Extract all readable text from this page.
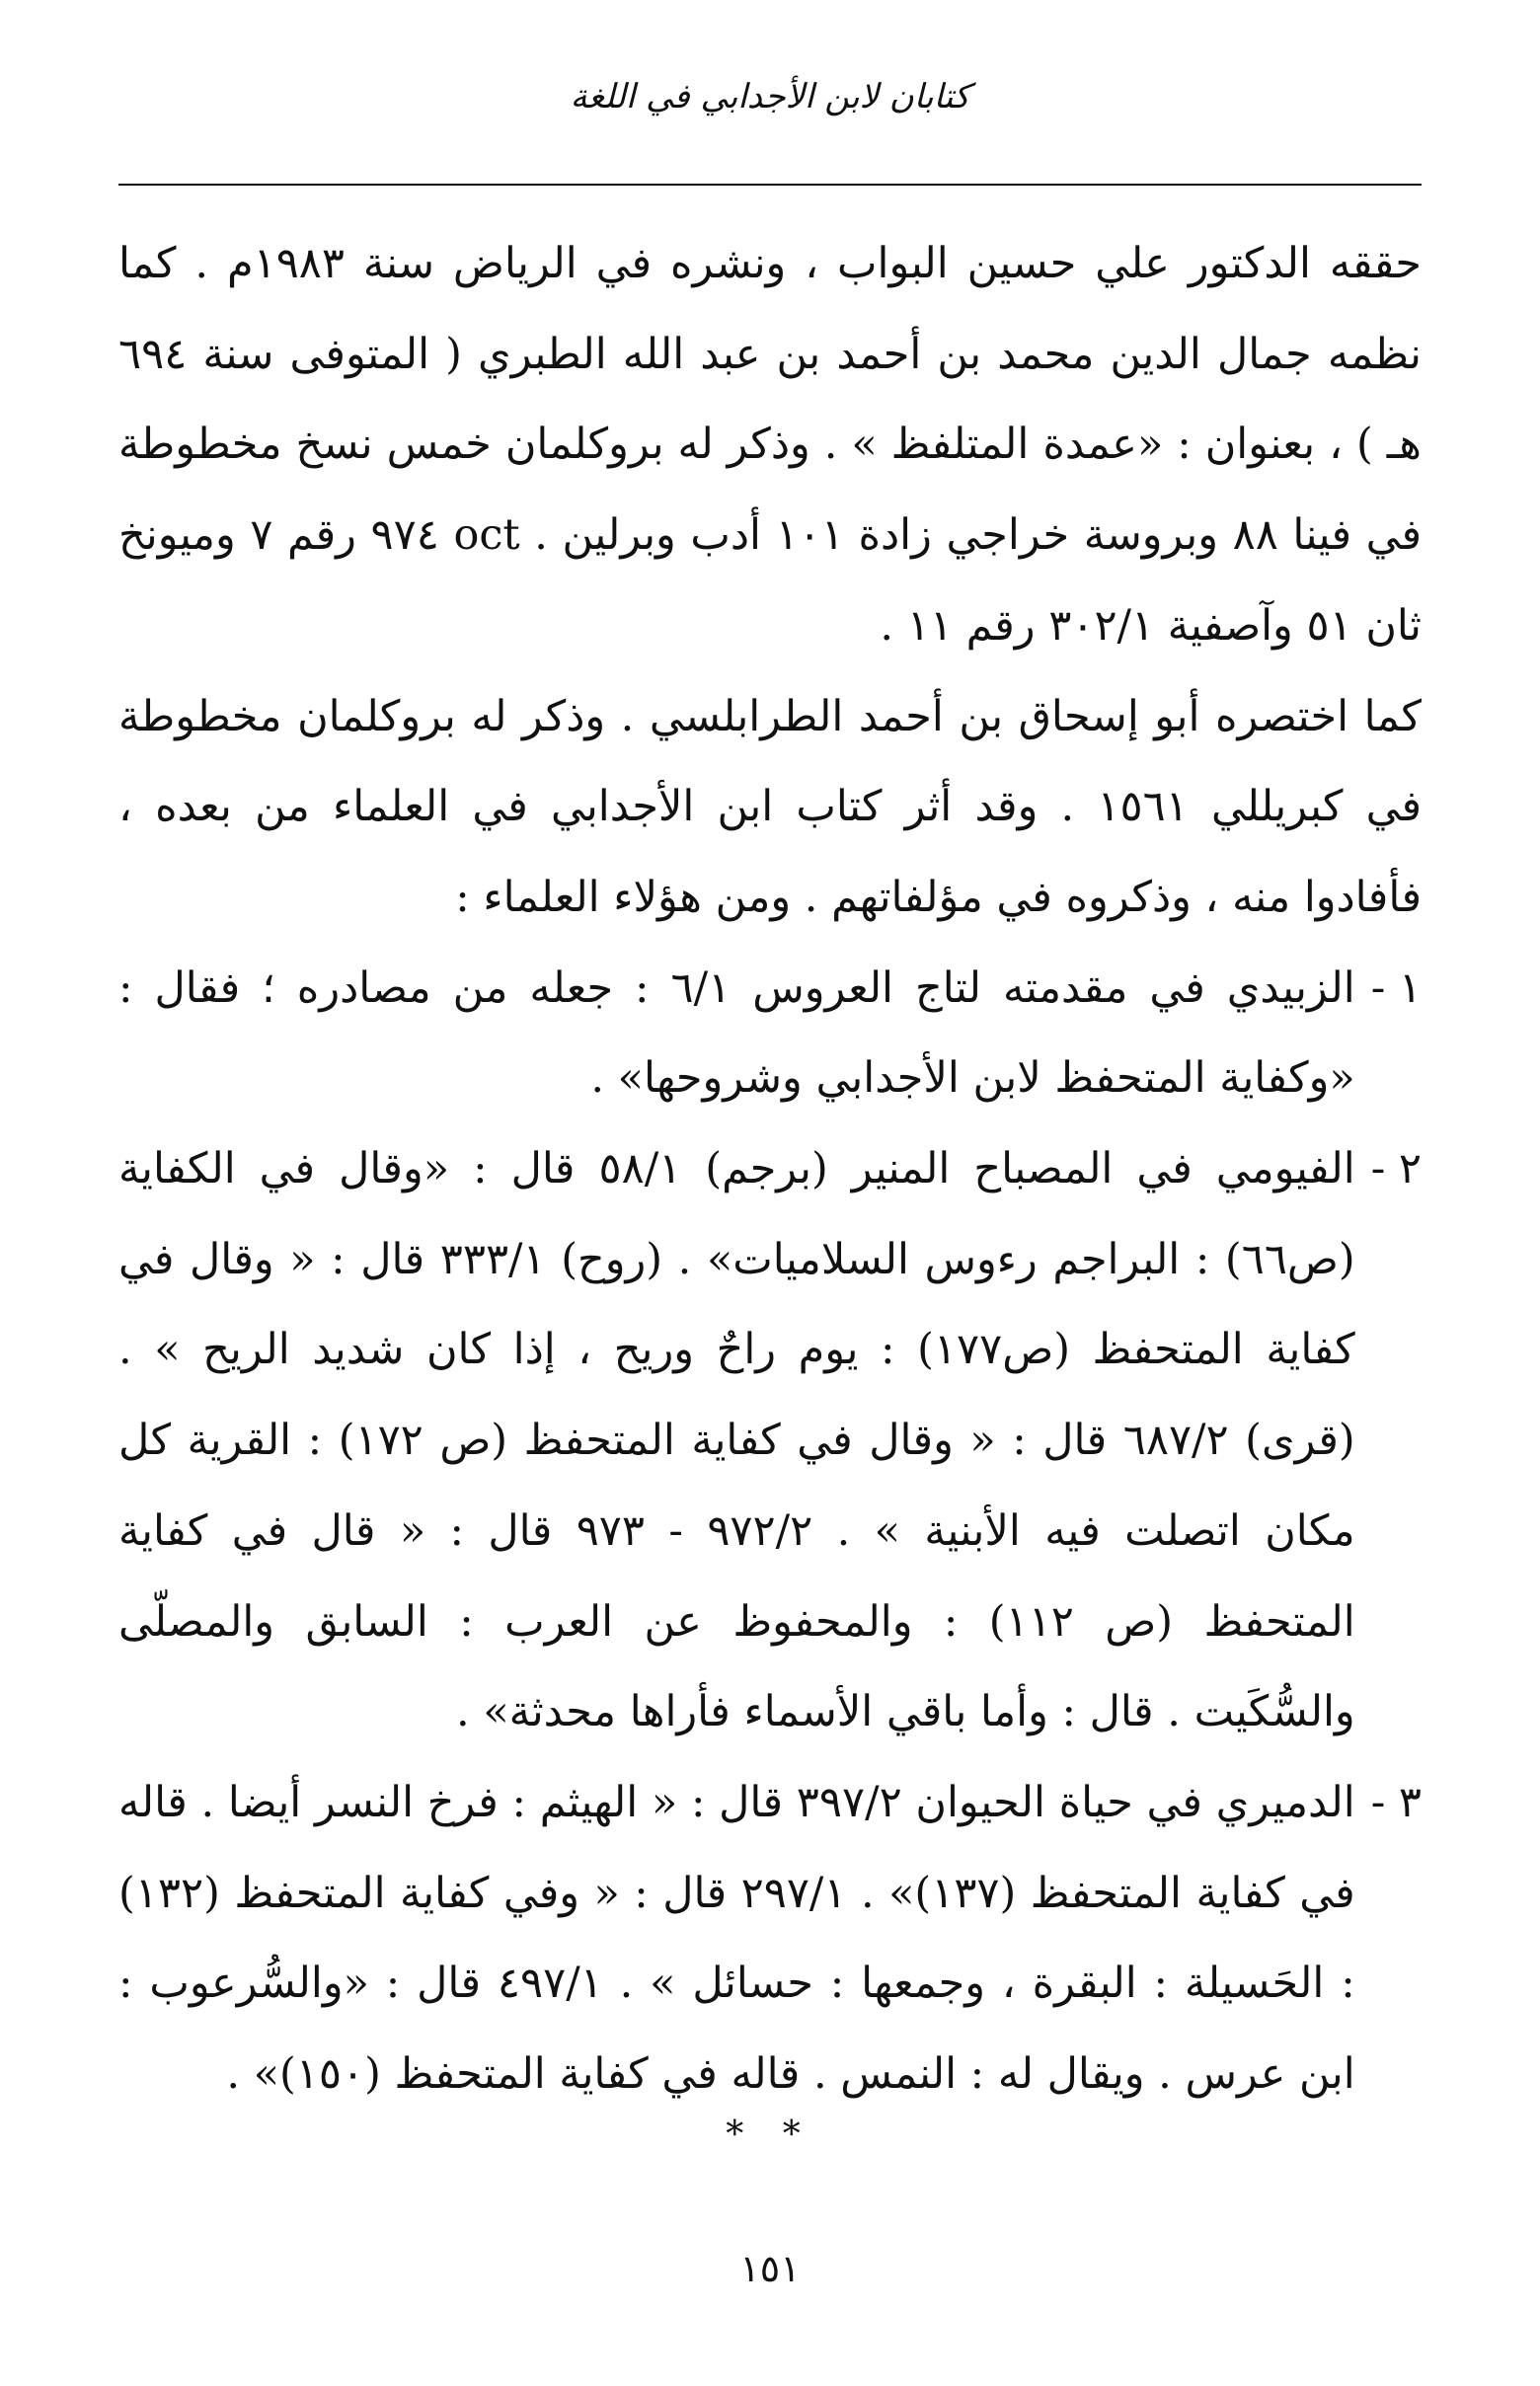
كتابان لابن الأجدابي في اللغة

حققه الدكتور علي حسين البواب ، ونشره في الرياض سنة ١٩٨٣م . كما نظمه جمال الدين محمد بن أحمد بن عبد الله الطبري ( المتوفى سنة ٦٩٤ هـ ) ، بعنوان : «عمدة المتلفظ » . وذكر له بروكلمان خمس نسخ مخطوطة في فينا ٨٨ وبروسة خراجي زادة ١٠١ أدب وبرلين . oct ٩٧٤ رقم ٧ وميونخ ثان ٥١ وآصفية ٣٠٢/١ رقم ١١ .

كما اختصره أبو إسحاق بن أحمد الطرابلسي . وذكر له بروكلمان مخطوطة في كبريللي ١٥٦١ . وقد أثر كتاب ابن الأجدابي في العلماء من بعده ، فأفادوا منه ، وذكروه في مؤلفاتهم . ومن هؤلاء العلماء :

١ -
الزبيدي في مقدمته لتاج العروس ٦/١ : جعله من مصادره ؛ فقال : «وكفاية المتحفظ لابن الأجدابي وشروحها» .
٢ -
الفيومي في المصباح المنير (برجم) ٥٨/١ قال : «وقال في الكفاية (ص٦٦) : البراجم رءوس السلاميات» . (روح) ٣٣٣/١ قال : « وقال في كفاية المتحفظ (ص١٧٧) : يوم راحٌ وريح ، إذا كان شديد الريح » . (قرى) ٦٨٧/٢ قال : « وقال في كفاية المتحفظ (ص ١٧٢) : القرية كل مكان اتصلت فيه الأبنية » . ٩٧٢/٢ - ٩٧٣ قال : « قال في كفاية المتحفظ (ص ١١٢) : والمحفوظ عن العرب : السابق والمصلّى والسُّكَيت . قال : وأما باقي الأسماء فأراها محدثة» .
٣ -
الدميري في حياة الحيوان ٣٩٧/٢ قال : « الهيثم : فرخ النسر أيضا . قاله في كفاية المتحفظ (١٣٧)» . ٢٩٧/١ قال : « وفي كفاية المتحفظ (١٣٢) : الحَسيلة : البقرة ، وجمعها : حسائل » . ٤٩٧/١ قال : «والسُّرعوب : ابن عرس . ويقال له : النمس . قاله في كفاية المتحفظ (١٥٠)» .
* *
١٥١
